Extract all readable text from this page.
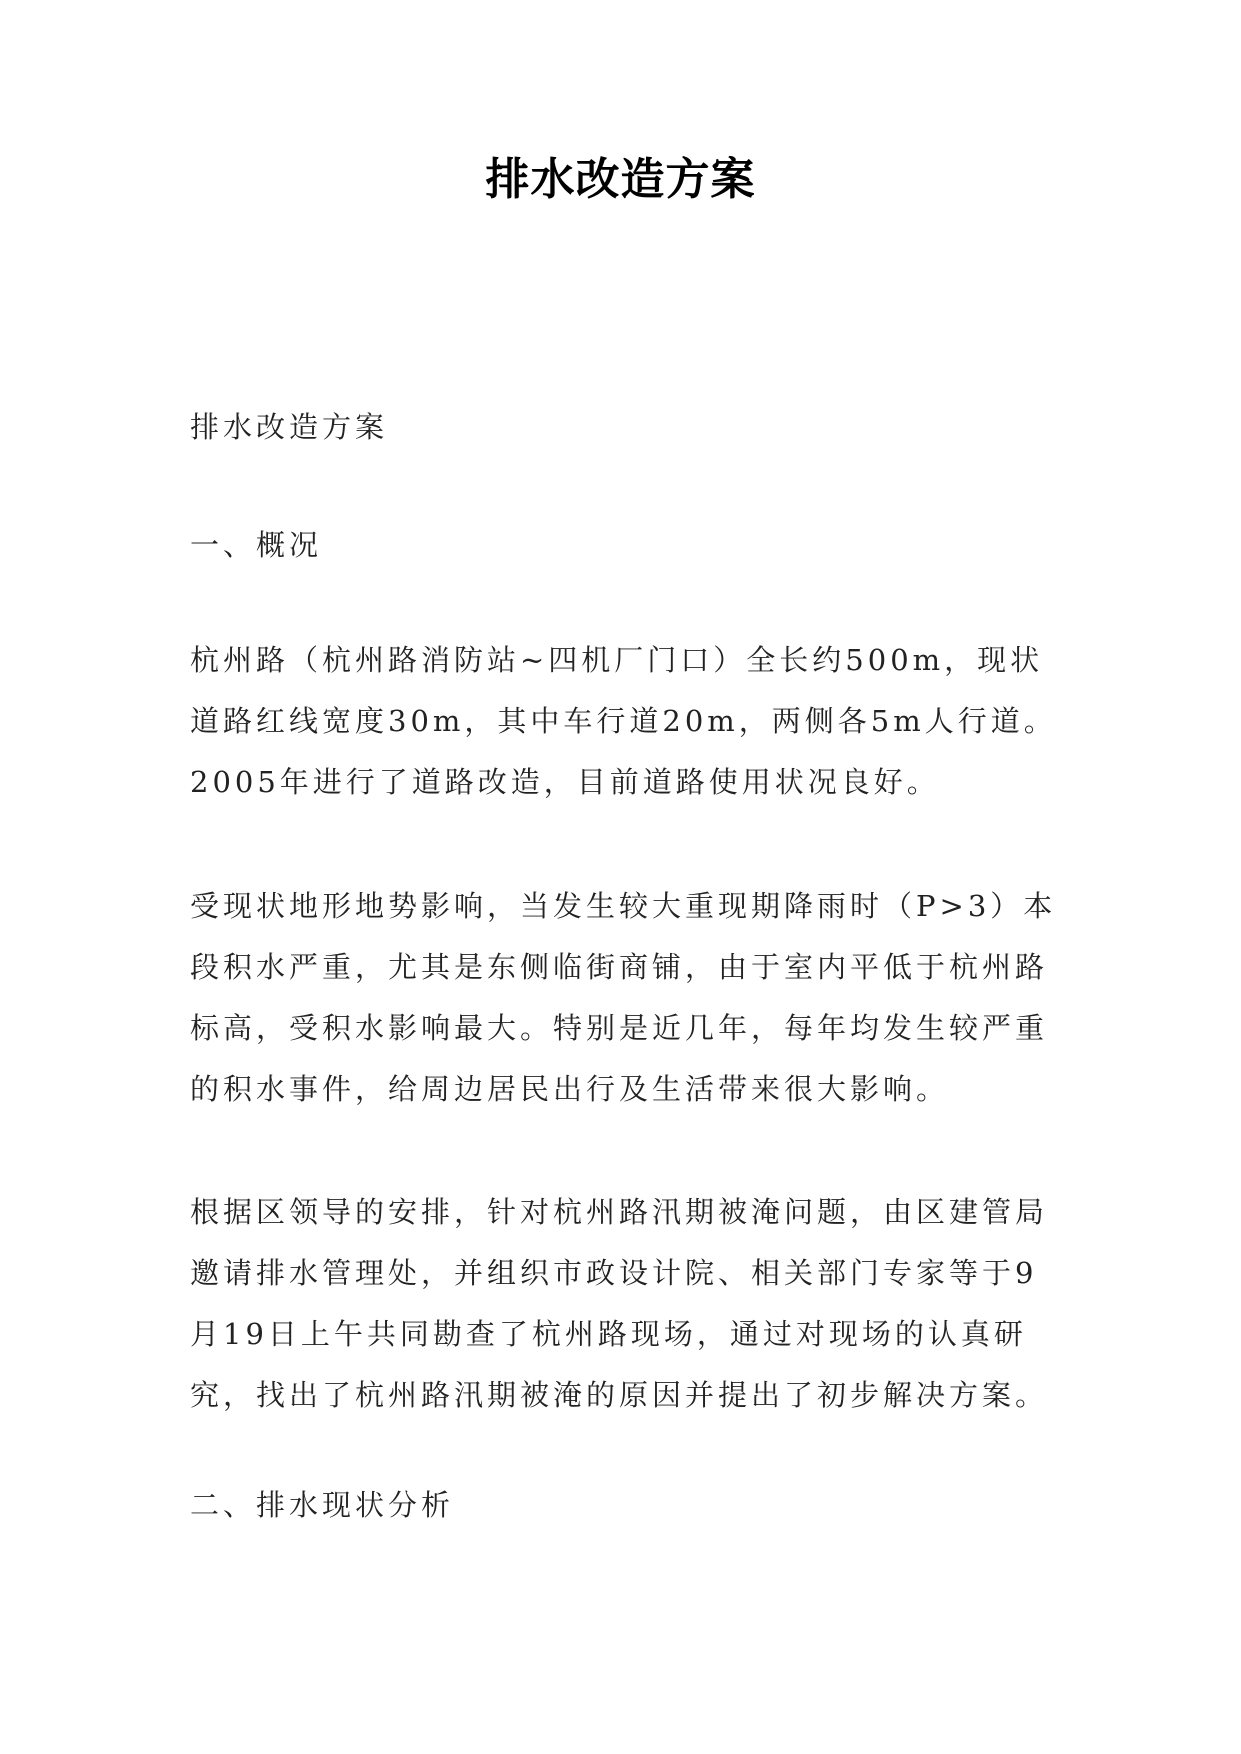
排水改造方案
排水改造方案
一、概况
杭州路（杭州路消防站~四机厂门口）全长约500m，现状道路红线宽度30m，其中车行道20m，两侧各5m人行道。2005年进行了道路改造，目前道路使用状况良好。
受现状地形地势影响，当发生较大重现期降雨时（P>3）本段积水严重，尤其是东侧临街商铺，由于室内平低于杭州路标高，受积水影响最大。特别是近几年，每年均发生较严重的积水事件，给周边居民出行及生活带来很大影响。
根据区领导的安排，针对杭州路汛期被淹问题，由区建管局邀请排水管理处，并组织市政设计院、相关部门专家等于9月19日上午共同勘查了杭州路现场，通过对现场的认真研究，找出了杭州路汛期被淹的原因并提出了初步解决方案。
二、排水现状分析
